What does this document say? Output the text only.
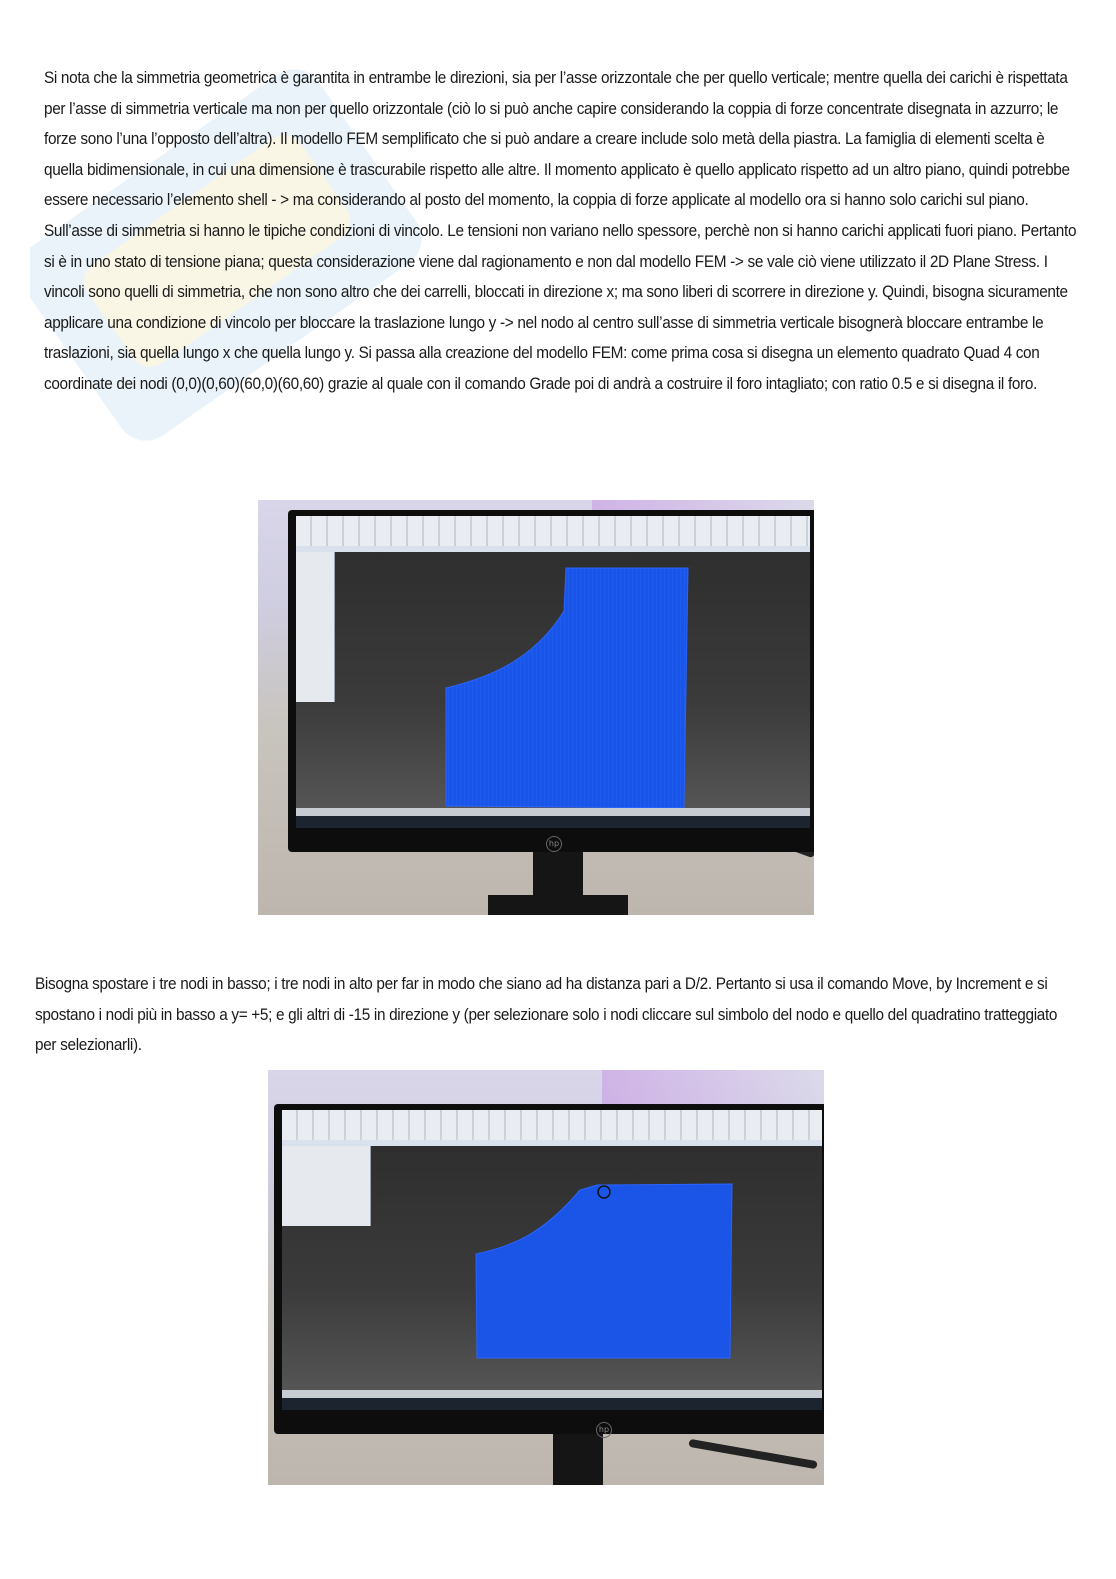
Si nota che la simmetria geometrica è garantita in entrambe le direzioni, sia per l’asse orizzontale che per quello verticale; mentre quella dei carichi è rispettata per l’asse di simmetria verticale ma non per quello orizzontale (ciò lo si può anche capire considerando la coppia di forze concentrate disegnata in azzurro; le forze sono l’una l’opposto dell’altra). Il modello FEM semplificato che si può andare a creare include solo metà della piastra. La famiglia di elementi scelta è quella bidimensionale, in cui una dimensione è trascurabile rispetto alle altre. Il momento applicato è quello applicato rispetto ad un altro piano, quindi potrebbe essere necessario l’elemento shell - > ma considerando al posto del momento, la coppia di forze applicate al modello ora si hanno solo carichi sul piano. Sull’asse di simmetria si hanno le tipiche condizioni di vincolo. Le tensioni non variano nello spessore, perchè non si hanno carichi applicati fuori piano. Pertanto si è in uno stato di tensione piana; questa considerazione viene dal ragionamento e non dal modello FEM -> se vale ciò viene utilizzato il 2D Plane Stress. I vincoli sono quelli di simmetria, che non sono altro che dei carrelli, bloccati in direzione x; ma sono liberi di scorrere in direzione y. Quindi, bisogna sicuramente applicare una condizione di vincolo per bloccare la traslazione lungo y -> nel nodo al centro sull’asse di simmetria verticale bisognerà bloccare entrambe le traslazioni, sia quella lungo x che quella lungo y. Si passa alla creazione del modello FEM: come prima cosa si disegna un elemento quadrato Quad 4 con coordinate dei nodi (0,0)(0,60)(60,0)(60,60) grazie al quale con il comando Grade poi di andrà a costruire il foro intagliato; con ratio 0.5 e si disegna il foro.

hp

Bisogna spostare i tre nodi in basso; i tre nodi in alto per far in modo che siano ad ha distanza pari a D/2. Pertanto si usa il comando Move, by Increment e si spostano i nodi più in basso a y= +5; e gli altri di -15 in direzione y (per selezionare solo i nodi cliccare sul simbolo del nodo e quello del quadratino tratteggiato per selezionarli).

hp
